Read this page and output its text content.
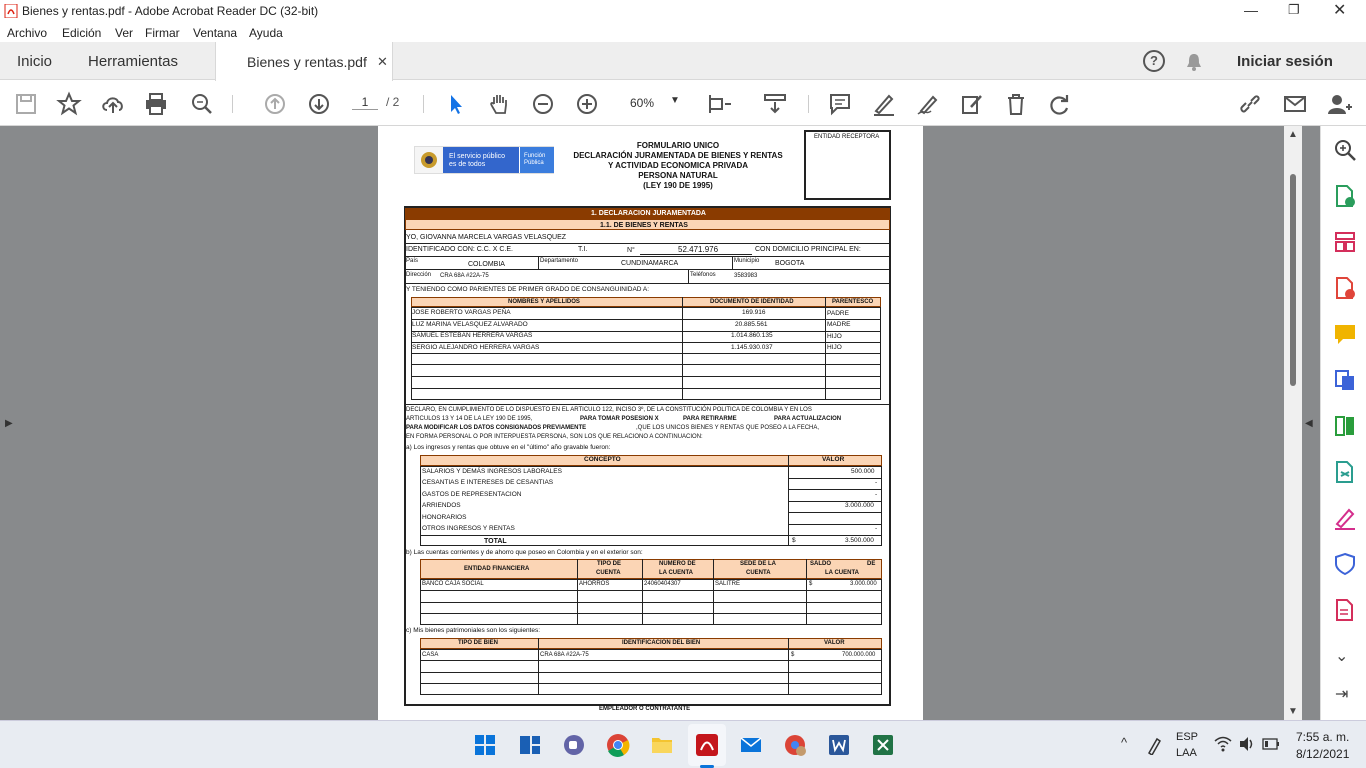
Bienes y rentas.pdf - Adobe Acrobat Reader DC (32-bit)	— ❐ ✕
Archivo Edición Ver Firmar Ventana Ayuda
Inicio Herramientas	?	Iniciar sesión
Bienes y rentas.pdf ✕
1	/ 2	60% ▼
▶	◀
El servicio público
es de todos
Función
Pública
FORMULARIO UNICO
DECLARACIÓN JURAMENTADA DE BIENES Y RENTAS
Y ACTIVIDAD ECONOMICA PRIVADA
PERSONA NATURAL
(LEY 190 DE 1995)
ENTIDAD RECEPTORA
1. DECLARACION JURAMENTADA
1.1. DE BIENES Y RENTAS
YO, GIOVANNA MARCELA VARGAS VELASQUEZ
IDENTIFICADO CON: C.C. X C.E.	T.I.	N°	52.471.976	CON DOMICILIO PRINCIPAL EN:
País	COLOMBIA	Departamento	CUNDINAMARCA	Municipio BOGOTA
Dirección CRA 68A #22A-75	Teléfonos	3583983
Y TENIENDO COMO PARIENTES DE PRIMER GRADO DE CONSANGUINIDAD A:
NOMBRES Y APELLIDOS	DOCUMENTO DE IDENTIDAD	PARENTESCO
JOSE ROBERTO VARGAS PEÑA	169.916	PADRE
LUZ MARINA VELASQUEZ ALVARADO	20.885.561	MADRE
SAMUEL ESTEBAN HERRERA VARGAS	1.014.860.135	HIJO
SERGIO ALEJANDRO HERRERA VARGAS	1.145.930.037	HIJO
DECLARO, EN CUMPLIMIENTO DE LO DISPUESTO EN EL ARTICULO 122, INCISO 3º, DE LA CONSTITUCIÓN POLITICA DE COLOMBIA Y EN LOS
ARTICULOS 13 Y 14 DE LA LEY 190 DE 1995,	PARA TOMAR POSESION X	PARA RETIRARME	PARA ACTUALIZACION
PARA MODIFICAR LOS DATOS CONSIGNADOS PREVIAMENTE	,QUE LOS UNICOS BIENES Y RENTAS QUE POSEO A LA FECHA,
EN FORMA PERSONAL O POR INTERPUESTA PERSONA, SON LOS QUE RELACIONO A CONTINUACION:
a) Los ingresos y rentas que obtuve en el "último" año gravable fueron:
CONCEPTO	VALOR
SALARIOS Y DEMÁS INGRESOS LABORALES	500.000
CESANTIAS E INTERESES DE CESANTIAS	-
GASTOS DE REPRESENTACION	-
ARRIENDOS	3.000.000
HONORARIOS
OTROS INGRESOS Y RENTAS	-
TOTAL	$	3.500.000
b) Las cuentas corrientes y de ahorro que poseo en Colombia y en el exterior son:
ENTIDAD FINANCIERA
TIPO DE
CUENTA
NUMERO DE
LA CUENTA
SEDE DE LA
CUENTA
SALDO	DE
LA CUENTA
BANCO CAJA SOCIAL	AHORROS	24060404307	SALITRE	$	3.000.000
c) Mis bienes patrimoniales son los siguientes:
TIPO DE BIEN	IDENTIFICACION DEL BIEN	VALOR
CASA	CRA 68A #22A-75	$	700.000.000
EMPLEADOR O CONTRATANTE
▲
▼
⌄
⇥
^	ESP
LAA
7:55 a. m.
8/12/2021
